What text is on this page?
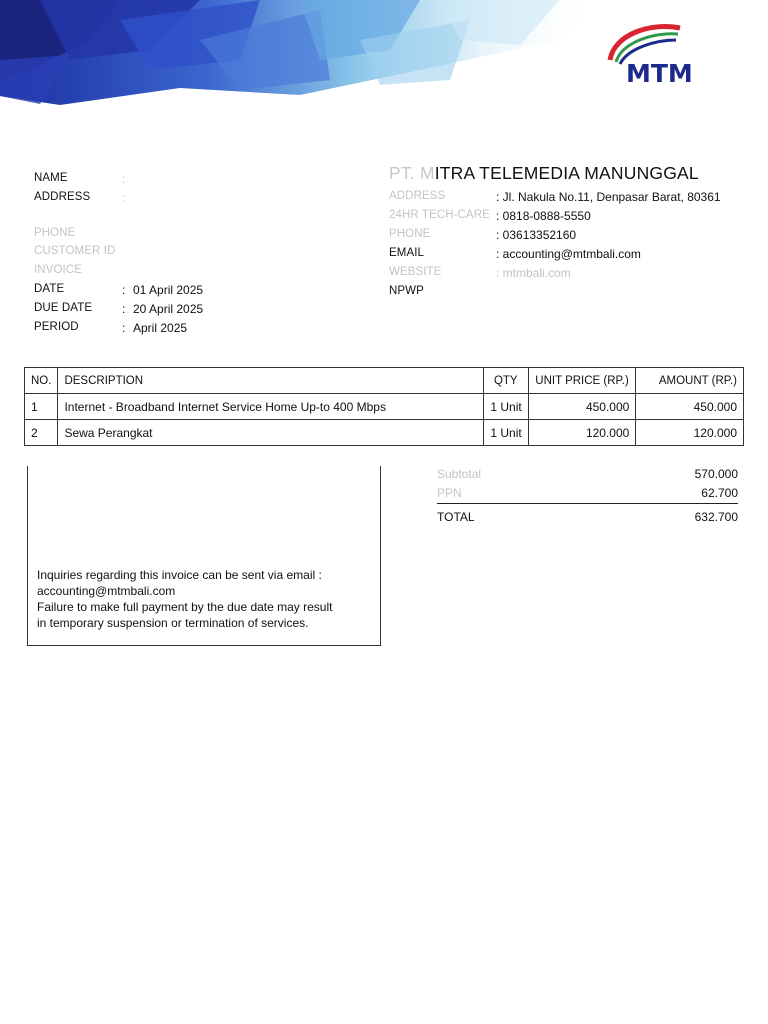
MTM
NAME	:
ADDRESS	:
PHONE
CUSTOMER ID
INVOICE
DATE	: 01 April 2025
DUE DATE : 20 April 2025
PERIOD	: April 2025
PT. MITRA TELEMEDIA MANUNGGAL
ADDRESS	: Jl. Nakula No.11, Denpasar Barat, 80361
24HR TECH-CARE : 0818-0888-5550
PHONE	: 03613352160
EMAIL	: accounting@mtmbali.com
WEBSITE	: mtmbali.com
NPWP
NO.	DESCRIPTION	QTY	UNIT PRICE (RP.)	AMOUNT (RP.)
1	Internet - Broadband Internet Service Home Up-to 400 Mbps	1 Unit	450.000	450.000
2	Sewa Perangkat	1 Unit	120.000	120.000
Subtotal	570.000
PPN	62.700
TOTAL	632.700
Inquiries regarding this invoice can be sent via email :
accounting@mtmbali.com
Failure to make full payment by the due date may result
in temporary suspension or termination of services.
